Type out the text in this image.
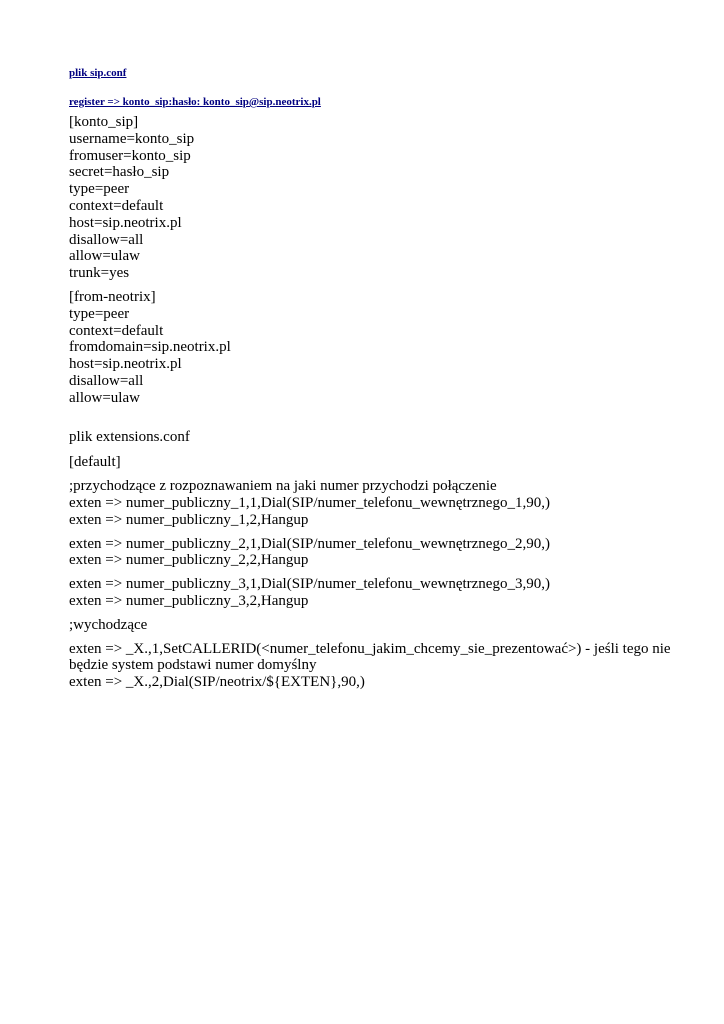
plik sip.conf
register => konto_sip:hasło: konto_sip@sip.neotrix.pl
[konto_sip]
username=konto_sip
fromuser=konto_sip
secret=hasło_sip
type=peer
context=default
host=sip.neotrix.pl
disallow=all
allow=ulaw
trunk=yes
[from-neotrix]
type=peer
context=default
fromdomain=sip.neotrix.pl
host=sip.neotrix.pl
disallow=all
allow=ulaw
plik extensions.conf
[default]
;przychodzące z rozpoznawaniem na jaki numer przychodzi połączenie
exten => numer_publiczny_1,1,Dial(SIP/numer_telefonu_wewnętrznego_1,90,)
exten => numer_publiczny_1,2,Hangup
exten => numer_publiczny_2,1,Dial(SIP/numer_telefonu_wewnętrznego_2,90,)
exten => numer_publiczny_2,2,Hangup
exten => numer_publiczny_3,1,Dial(SIP/numer_telefonu_wewnętrznego_3,90,)
exten => numer_publiczny_3,2,Hangup
;wychodzące
exten => _X.,1,SetCALLERID(<numer_telefonu_jakim_chcemy_sie_prezentować>) - jeśli tego nie będzie system podstawi numer domyślny
exten => _X.,2,Dial(SIP/neotrix/${EXTEN},90,)
